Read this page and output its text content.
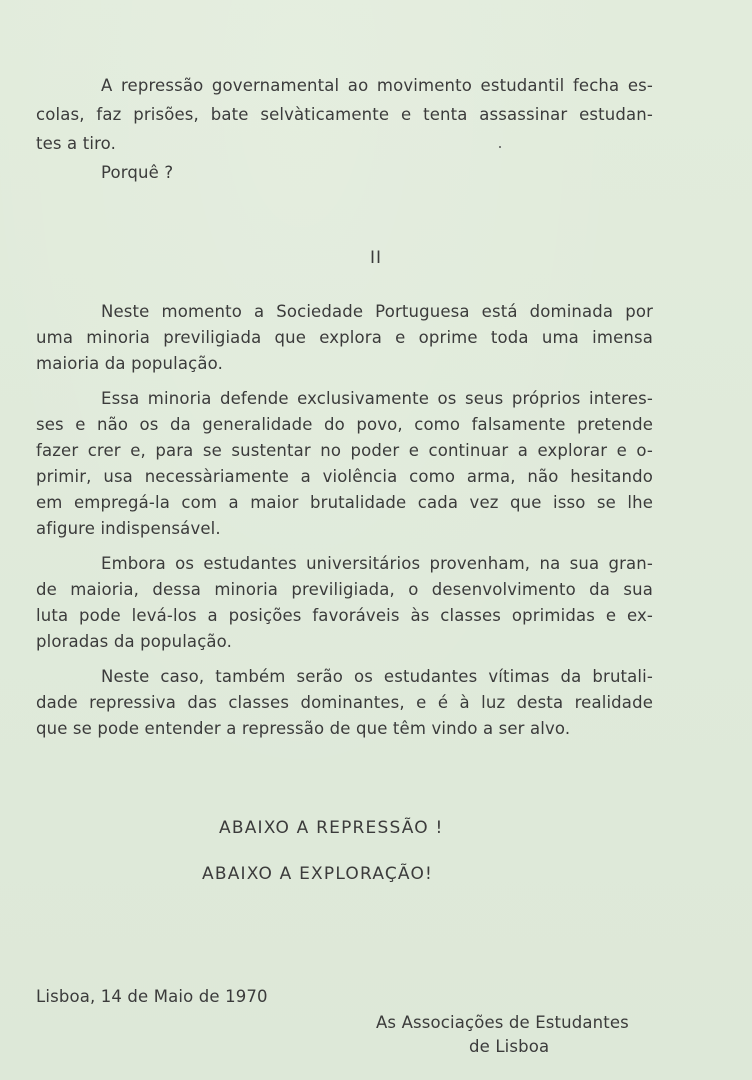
A repressão governamental ao movimento estudantil fecha es-
colas, faz prisões, bate selvàticamente e tenta assassinar estudan-
tes a tiro.
Porquê ?
II
Neste momento a Sociedade Portuguesa está dominada por
uma minoria previligiada que explora e oprime toda uma imensa
maioria da população.
Essa minoria defende exclusivamente os seus próprios interes-
ses e não os da generalidade do povo, como falsamente pretende
fazer crer e, para se sustentar no poder e continuar a explorar e o-
primir, usa necessàriamente a violência como arma, não hesitando
em empregá-la com a maior brutalidade cada vez que isso se lhe
afigure indispensável.
Embora os estudantes universitários provenham, na sua gran-
de maioria, dessa minoria previligiada, o desenvolvimento da sua
luta pode levá-los a posições favoráveis às classes oprimidas e ex-
ploradas da população.
Neste caso, também serão os estudantes vítimas da brutali-
dade repressiva das classes dominantes, e é à luz desta realidade
que se pode entender a repressão de que têm vindo a ser alvo.
ABAIXO A REPRESSÃO !
ABAIXO A EXPLORAÇÃO!
Lisboa, 14 de Maio de 1970
As Associações de Estudantes
de Lisboa
